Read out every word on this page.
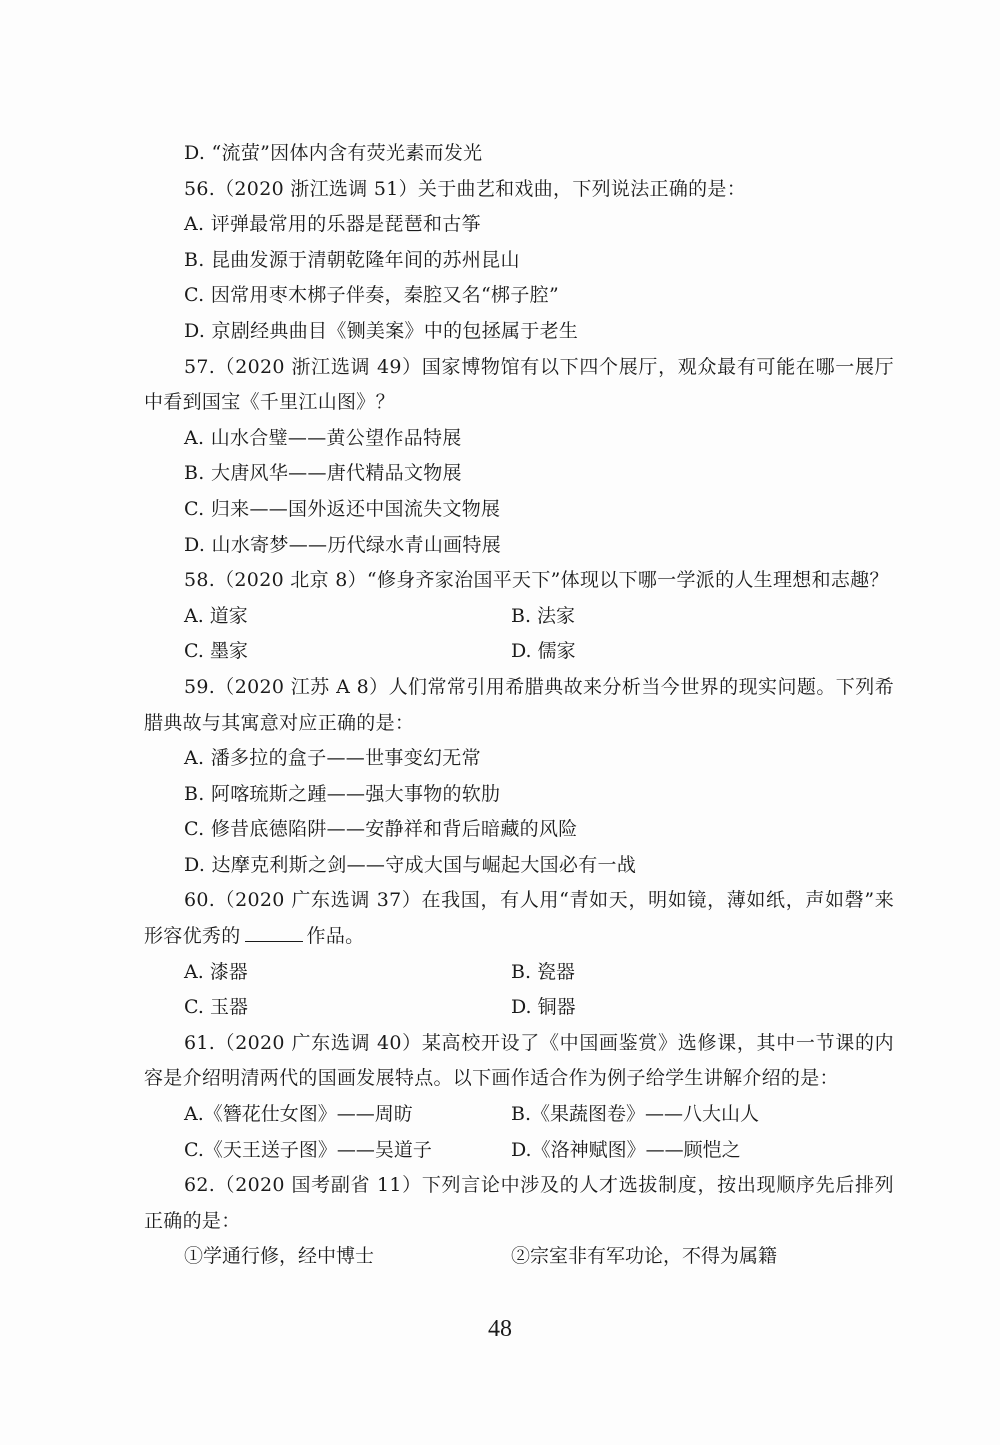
D. “流萤”因体内含有荧光素而发光
56.（2020 浙江选调 51）关于曲艺和戏曲，下列说法正确的是：
A. 评弹最常用的乐器是琵琶和古筝
B. 昆曲发源于清朝乾隆年间的苏州昆山
C. 因常用枣木梆子伴奏，秦腔又名“梆子腔”
D. 京剧经典曲目《铡美案》中的包拯属于老生
57.（2020 浙江选调 49）国家博物馆有以下四个展厅，观众最有可能在哪一展厅中看到国宝《千里江山图》？
A. 山水合璧——黄公望作品特展
B. 大唐风华——唐代精品文物展
C. 归来——国外返还中国流失文物展
D. 山水寄梦——历代绿水青山画特展
58.（2020 北京 8）“修身齐家治国平天下”体现以下哪一学派的人生理想和志趣？
A. 道家	B. 法家
C. 墨家	D. 儒家
59.（2020 江苏 A 8）人们常常引用希腊典故来分析当今世界的现实问题。下列希腊典故与其寓意对应正确的是：
A. 潘多拉的盒子——世事变幻无常
B. 阿喀琉斯之踵——强大事物的软肋
C. 修昔底德陷阱——安静祥和背后暗藏的风险
D. 达摩克利斯之剑——守成大国与崛起大国必有一战
60.（2020 广东选调 37）在我国，有人用“青如天，明如镜，薄如纸，声如磬”来形容优秀的	作品。
A. 漆器	B. 瓷器
C. 玉器	D. 铜器
61.（2020 广东选调 40）某高校开设了《中国画鉴赏》选修课，其中一节课的内容是介绍明清两代的国画发展特点。以下画作适合作为例子给学生讲解介绍的是：
A.《簪花仕女图》——周昉	B.《果蔬图卷》——八大山人
C.《天王送子图》——吴道子	D.《洛神赋图》——顾恺之
62.（2020 国考副省 11）下列言论中涉及的人才选拔制度，按出现顺序先后排列正确的是：
①学通行修，经中博士	②宗室非有军功论，不得为属籍
48
